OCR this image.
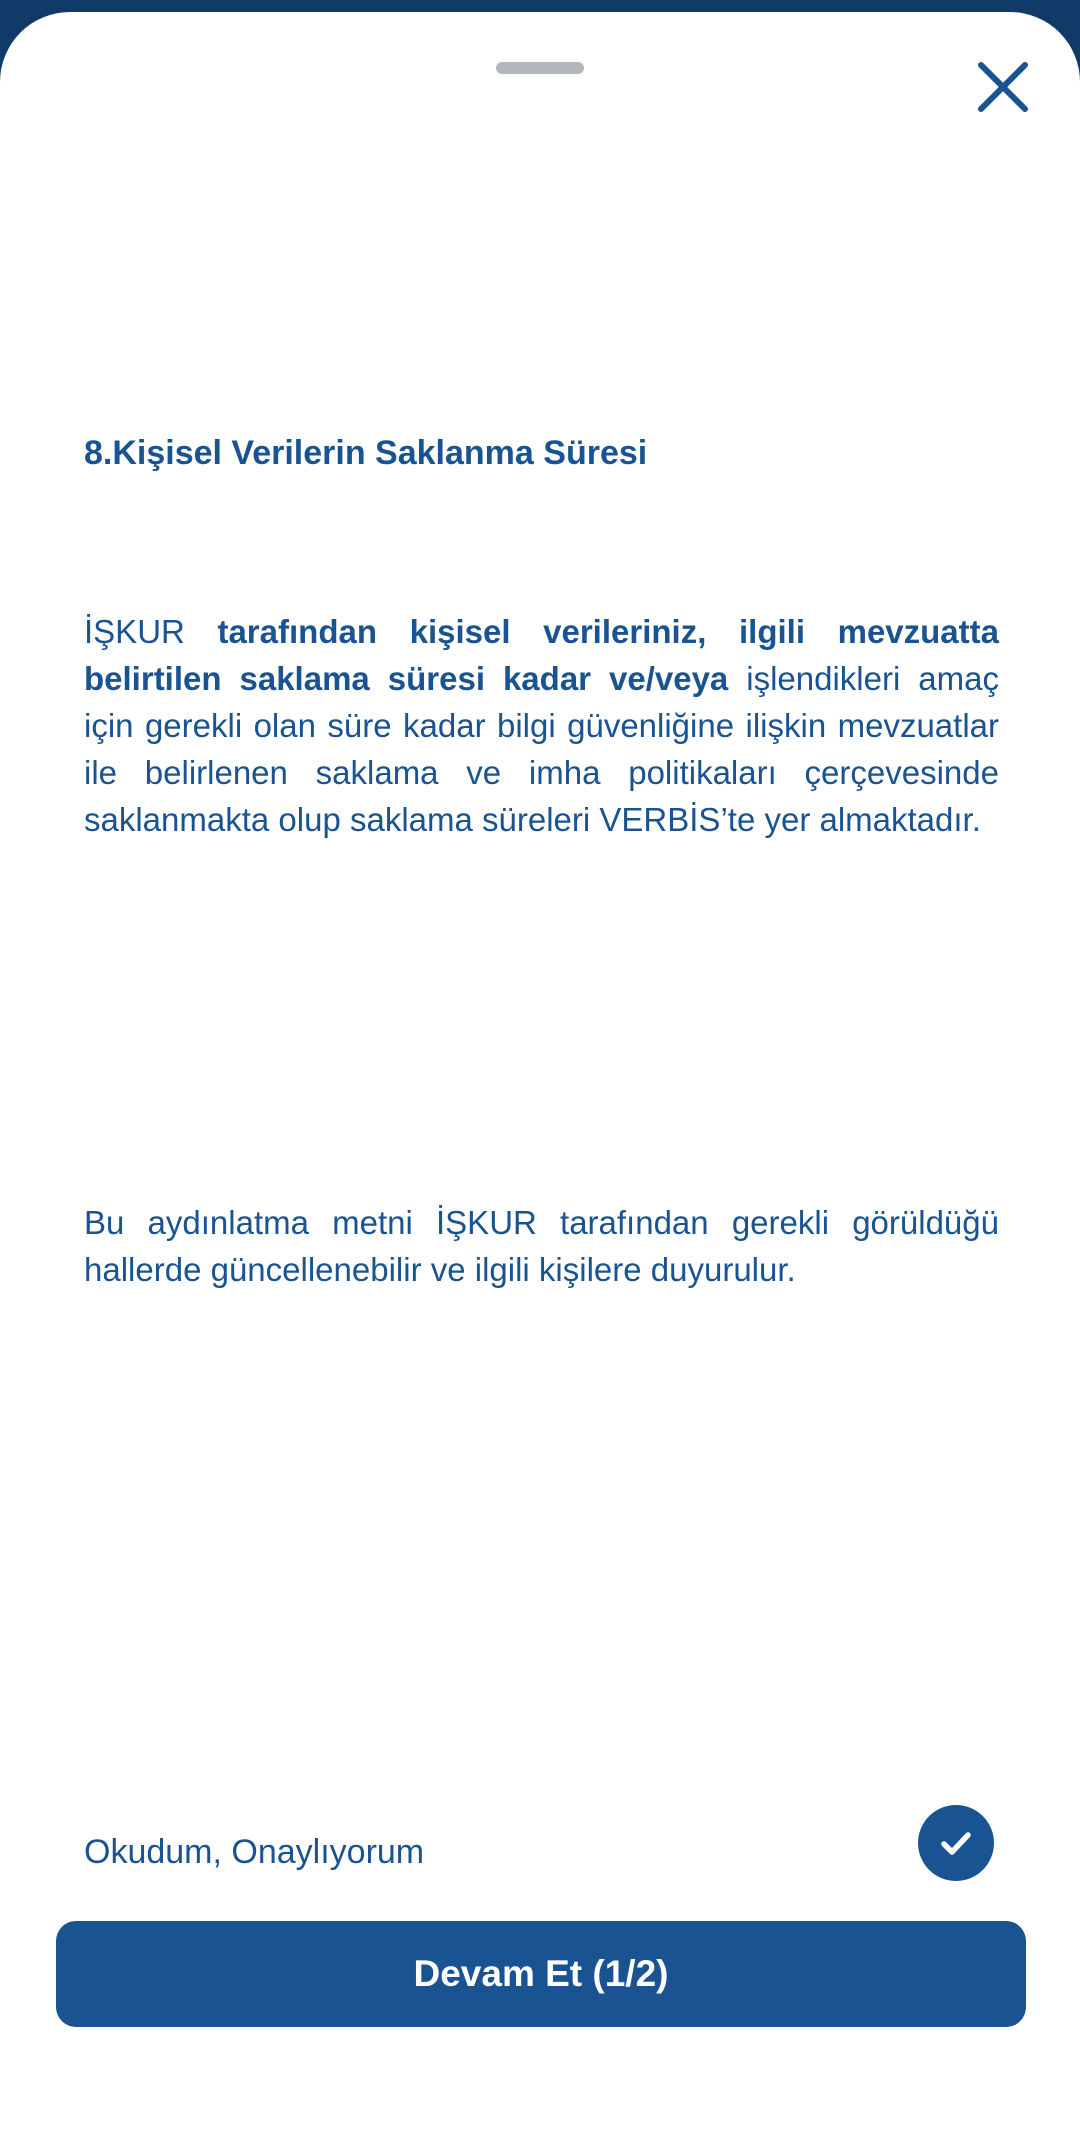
8.Kişisel Verilerin Saklanma Süresi

İŞKUR tarafından kişisel verileriniz, ilgili mevzuatta belirtilen saklama süresi kadar ve/veya işlendikleri amaç için gerekli olan süre kadar bilgi güvenliğine ilişkin mevzuatlar ile belirlenen saklama ve imha politikaları çerçevesinde saklanmakta olup saklama süreleri VERBİS’te yer almaktadır.

Bu aydınlatma metni İŞKUR tarafından gerekli görüldüğü hallerde güncellenebilir ve ilgili kişilere duyurulur.

Okudum, Onaylıyorum
Devam Et (1/2)
